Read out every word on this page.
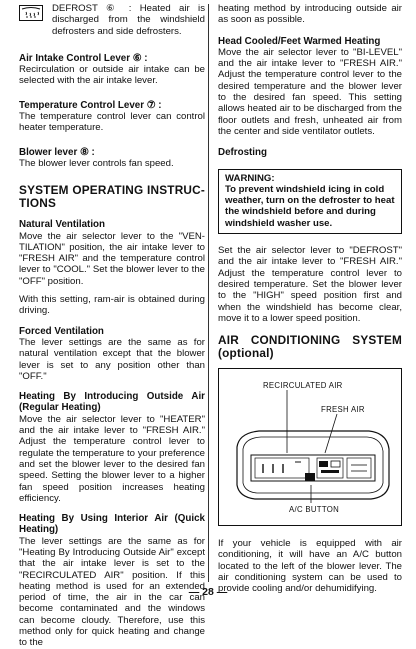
DEFROST ⑥ : Heated air is discharged from the windshield defrosters and side defrosters.

Air Intake Control Lever ⑥ :

Recirculation or outside air intake can be selected with the air intake lever.

Temperature Control Lever ⑦ :

The temperature control lever can control heater temperature.

Blower lever ⑧ :

The blower lever controls fan speed.

SYSTEM OPERATING INSTRUC-TIONS

Natural Ventilation

Move the air selector lever to the "VEN-TILATION" position, the air intake lever to "FRESH AIR" and the temperature control lever to "COOL." Set the blower lever to the "OFF" position.

With this setting, ram-air is obtained during driving.

Forced Ventilation

The lever settings are the same as for natural ventilation except that the blower lever is set to any position other than "OFF."

Heating By Introducing Outside Air (Regular Heating)

Move the air selector lever to "HEATER" and the air intake lever to "FRESH AIR." Adjust the temperature control lever to regulate the temperature to your preference and set the blower lever to the desired fan speed. Setting the blower lever to a higher fan speed position increases heating efficiency.

Heating By Using Interior Air (Quick Heating)

The lever settings are the same as for "Heating By Introducing Outside Air" except that the air intake lever is set to the "RECIRCULATED AIR" position. If this heating method is used for an extended period of time, the air in the car can become contaminated and the windows can become cloudy. Therefore, use this method only for quick heating and change to the

heating method by introducing outside air as soon as possible.

Head Cooled/Feet Warmed Heating

Move the air selector lever to "BI-LEVEL" and the air intake lever to "FRESH AIR." Adjust the temperature control lever to the desired temperature and the blower lever to the desired fan speed. This setting allows heated air to be discharged from the floor outlets and fresh, unheated air from the center and side ventilator outlets.

Defrosting

WARNING:

To prevent windshield icing in cold weather, turn on the defroster to heat the windshield before and during windshield washer use.

Set the air selector lever to "DEFROST" and the air intake lever to "FRESH AIR." Adjust the temperature control lever to desired temperature. Set the blower lever to the "HIGH" speed position first and when the windshield has become clear, move it to a lower speed position.

AIR CONDITIONING SYSTEM (optional)

RECIRCULATED AIR
FRESH AIR
A/C BUTTON

If your vehicle is equipped with air conditioning, it will have an A/C button located to the left of the blower lever. The air conditioning system can be used to provide cooling and/or dehumidifying.

— 28 —
